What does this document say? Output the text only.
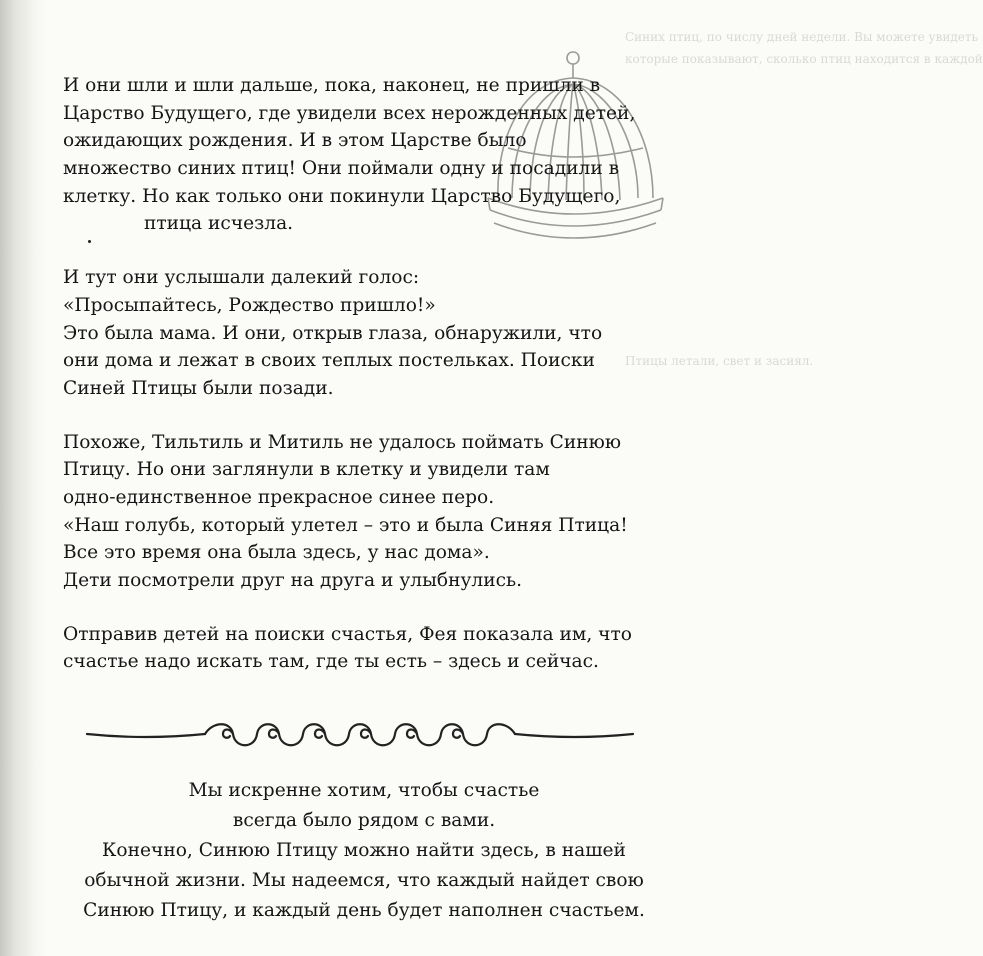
Синих птиц, по числу дней недели. Вы можете увидеть
которые показывают, сколько птиц находится в каждой
Птицы летали, свет и засиял.
И они шли и шли дальше, пока, наконец, не пришли в
Царство Будущего, где увидели всех нерожденных детей,
ожидающих рождения. И в этом Царстве было
множество синих птиц! Они поймали одну и посадили в
клетку. Но как только они покинули Царство Будущего,
птица исчезла.
И тут они услышали далекий голос:
«Просыпайтесь, Рождество пришло!»
Это была мама. И они, открыв глаза, обнаружили, что
они дома и лежат в своих теплых постельках. Поиски
Синей Птицы были позади.
Похоже, Тильтиль и Митиль не удалось поймать Синюю
Птицу. Но они заглянули в клетку и увидели там
одно-единственное прекрасное синее перо.
«Наш голубь, который улетел – это и была Синяя Птица!
Все это время она была здесь, у нас дома».
Дети посмотрели друг на друга и улыбнулись.
Отправив детей на поиски счастья, Фея показала им, что
счастье надо искать там, где ты есть – здесь и сейчас.
Мы искренне хотим, чтобы счастье
всегда было рядом с вами.
Конечно, Синюю Птицу можно найти здесь, в нашей
обычной жизни. Мы надеемся, что каждый найдет свою
Синюю Птицу, и каждый день будет наполнен счастьем.
